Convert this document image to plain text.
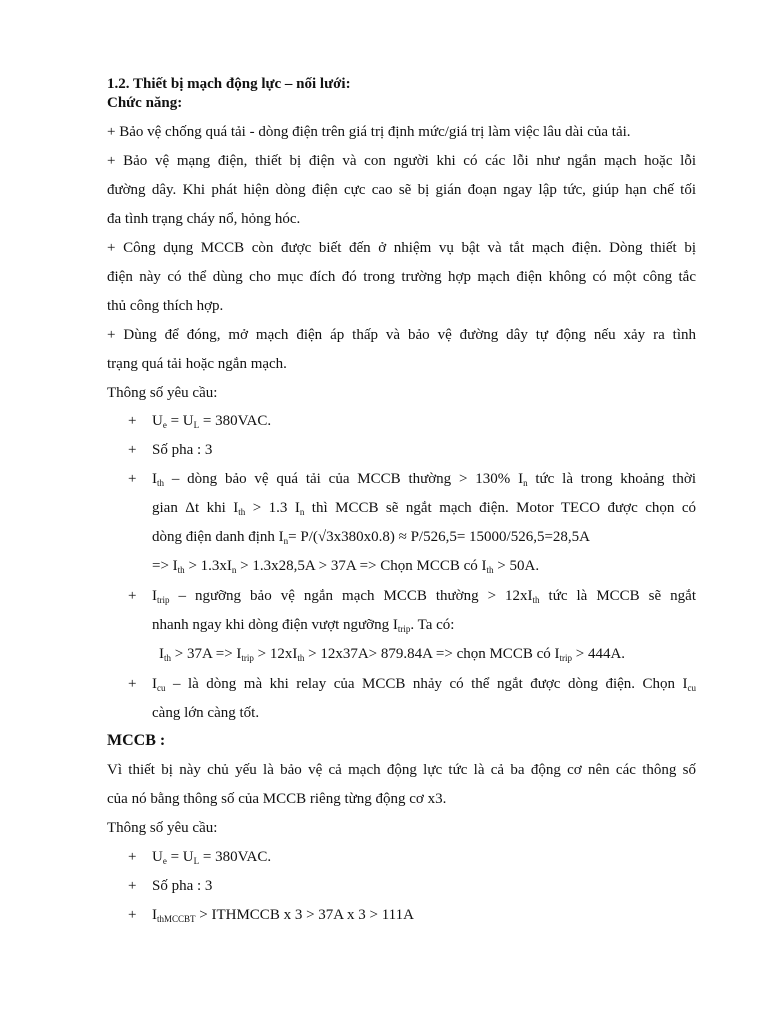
1.2. Thiết bị mạch động lực – nối lưới:
Chức năng:
+ Bảo vệ chống quá tải - dòng điện trên giá trị định mức/giá trị làm việc lâu dài của tải.
+ Bảo vệ mạng điện, thiết bị điện và con người khi có các lỗi như ngắn mạch hoặc lỗi
đường dây. Khi phát hiện dòng điện cực cao sẽ bị gián đoạn ngay lập tức, giúp hạn chế tối
đa tình trạng cháy nổ, hỏng hóc.
+ Công dụng MCCB còn được biết đến ở nhiệm vụ bật và tắt mạch điện. Dòng thiết bị
điện này có thể dùng cho mục đích đó trong trường hợp mạch điện không có một công tắc
thủ công thích hợp.
+ Dùng để đóng, mở mạch điện áp thấp và bảo vệ đường dây tự động nếu xảy ra tình
trạng quá tải hoặc ngắn mạch.
Thông số yêu cầu:
+ $U_e = U_L = 380VAC$.
+ Số pha : 3
+ $I_{th}$ – dòng bảo vệ quá tải của MCCB thường > 130% $I_n$ tức là trong khoảng thời
gian Δt khi $I_{th} > 1.3$ $I_n$ thì MCCB sẽ ngắt mạch điện. Motor TECO được chọn có
dòng điện danh định $I_n= P/(√3x380x0.8) \approx P/526,5= 15000/526,5=28,5A$
=> $I_{th} > 1.3xI_n > 1.3x28,5A > 37A$ => Chọn MCCB có $I_{th} > 50A$.
+ $I_{trip}$ – ngưỡng bảo vệ ngắn mạch MCCB thường > $12xI_{th}$ tức là MCCB sẽ ngắt
nhanh ngay khi dòng điện vượt ngưỡng $I_{trip}$. Ta có:
$I_{th} > 37A => I_{trip} > 12xI_{th} > 12x37A> 879.84A$ => chọn MCCB có $I_{trip} > 444A$.
+ $I_{cu}$ – là dòng mà khi relay của MCCB nhảy có thể ngắt được dòng điện. Chọn $I_{cu}$
càng lớn càng tốt.
MCCB :
Vì thiết bị này chủ yếu là bảo vệ cả mạch động lực tức là cả ba động cơ nên các thông số
của nó bằng thông số của MCCB riêng từng động cơ x3.
Thông số yêu cầu:
+ $U_e = U_L = 380VAC$.
+ Số pha : 3
+ $I_{thMCCBT}$ > ITHMCCB x 3 > 37A x 3 > 111A
